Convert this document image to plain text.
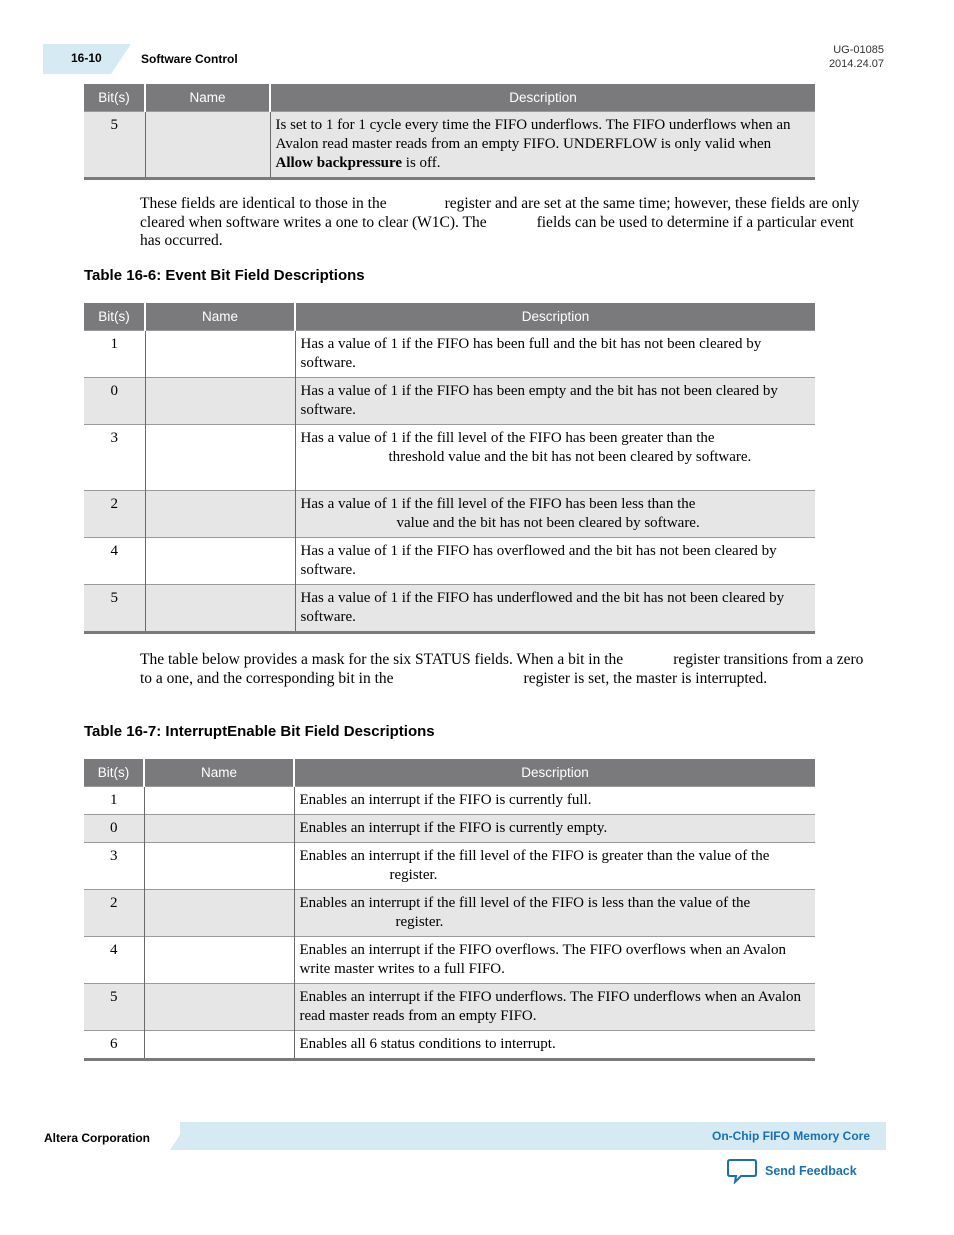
16-10	Software Control
UG-01085
2014.24.07
Bit(s)	Name	Description
5		Is set to 1 for 1 cycle every time the FIFO underflows. The FIFO underflows when an Avalon read master reads from an empty FIFO. UNDERFLOW is only valid when Allow backpressure is off.

These fields are identical to those in the	register and are set at the same time; however, these fields are only cleared when software writes a one to clear (W1C). The	fields can be used to determine if a particular event has occurred.

Table 16-6: Event Bit Field Descriptions
Bit(s)	Name	Description
1		Has a value of 1 if the FIFO has been full and the bit has not been cleared by software.
0		Has a value of 1 if the FIFO has been empty and the bit has not been cleared by software.
3		Has a value of 1 if the fill level of the FIFO has been greater than the
threshold value and the bit has not been cleared by software.
2		Has a value of 1 if the fill level of the FIFO has been less than the
value and the bit has not been cleared by software.
4		Has a value of 1 if the FIFO has overflowed and the bit has not been cleared by software.
5		Has a value of 1 if the FIFO has underflowed and the bit has not been cleared by software.

The table below provides a mask for the six STATUS fields. When a bit in the	register transitions from a zero to a one, and the corresponding bit in the	register is set, the master is interrupted.

Table 16-7: InterruptEnable Bit Field Descriptions
Bit(s)	Name	Description
1		Enables an interrupt if the FIFO is currently full.
0		Enables an interrupt if the FIFO is currently empty.
3		Enables an interrupt if the fill level of the FIFO is greater than the value of theregister.
2		Enables an interrupt if the fill level of the FIFO is less than the value of theregister.
4		Enables an interrupt if the FIFO overflows. The FIFO overflows when an Avalon write master writes to a full FIFO.
5		Enables an interrupt if the FIFO underflows. The FIFO underflows when an Avalon read master reads from an empty FIFO.
6		Enables all 6 status conditions to interrupt.
Altera Corporation	On-Chip FIFO Memory Core
Send Feedback
